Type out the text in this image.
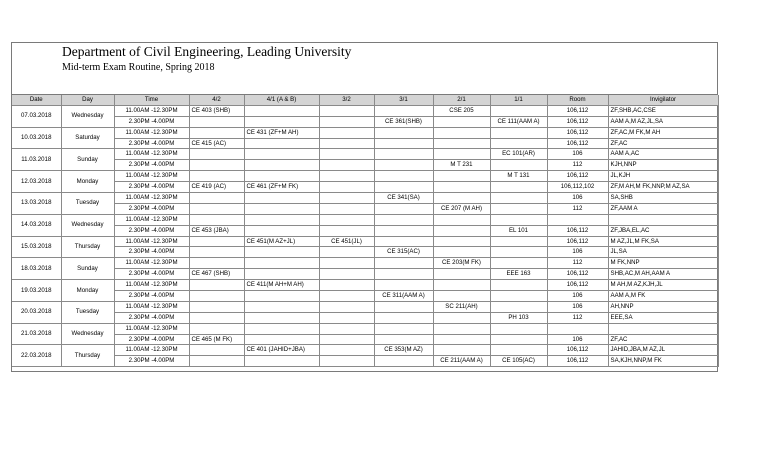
Department of Civil Engineering, Leading University
Mid-term Exam Routine, Spring 2018
Date	Day	Time	4/2	4/1 (A & B)	3/2	3/1	2/1	1/1	Room	Invigilator
07.03.2018	Wednesday	11.00AM -12.30PM	CE 403 (SHB)				CSE 205		106,112	ZF,SHB,AC,CSE
		2.30PM -4.00PM				CE 361(SHB)		CE 111(AAM A)	106,112	AAM A,M AZ,JL,SA
10.03.2018	Saturday	11.00AM -12.30PM		CE 431 (ZF+M AH)					106,112	ZF,AC,M FK,M AH
		2.30PM -4.00PM	CE 415 (AC)						106,112	ZF,AC
11.03.2018	Sunday	11.00AM -12.30PM						EC 101(AR)	106	AAM A,AC
		2.30PM -4.00PM					M T 231		112	KJH,NNP
12.03.2018	Monday	11.00AM -12.30PM						M T 131	106,112	JL,KJH
		2.30PM -4.00PM	CE 419 (AC)	CE 461 (ZF+M FK)					106,112,102	ZF,M AH,M FK,NNP,M AZ,SA
13.03.2018	Tuesday	11.00AM -12.30PM				CE 341(SA)			106	SA,SHB
		2.30PM -4.00PM					CE 207 (M AH)		112	ZF,AAM A
14.03.2018	Wednesday	11.00AM -12.30PM								
		2.30PM -4.00PM	CE 453 (JBA)					EL 101	106,112	ZF,JBA,EL,AC
15.03.2018	Thursday	11.00AM -12.30PM		CE 451(M AZ+JL)	CE 451(JL)				106,112	M AZ,JL,M FK,SA
		2.30PM -4.00PM				CE 315(AC)			106	JL,SA
18.03.2018	Sunday	11.00AM -12.30PM					CE 203(M FK)		112	M FK,NNP
		2.30PM -4.00PM	CE 467 (SHB)					EEE 163	106,112	SHB,AC,M AH,AAM A
19.03.2018	Monday	11.00AM -12.30PM		CE 411(M AH+M AH)					106,112	M AH,M AZ,KJH,JL
		2.30PM -4.00PM				CE 311(AAM A)			106	AAM A,M FK
20.03.2018	Tuesday	11.00AM -12.30PM					SC 211(AH)		106	AH,NNP
		2.30PM -4.00PM						PH 103	112	EEE,SA
21.03.2018	Wednesday	11.00AM -12.30PM								
		2.30PM -4.00PM	CE 465 (M FK)						106	ZF,AC
22.03.2018	Thursday	11.00AM -12.30PM		CE 401 (JAHID+JBA)		CE 353(M AZ)			106,112	JAHID,JBA,M AZ,JL
		2.30PM -4.00PM					CE 211(AAM A)	CE 105(AC)	106,112	SA,KJH,NNP,M FK
